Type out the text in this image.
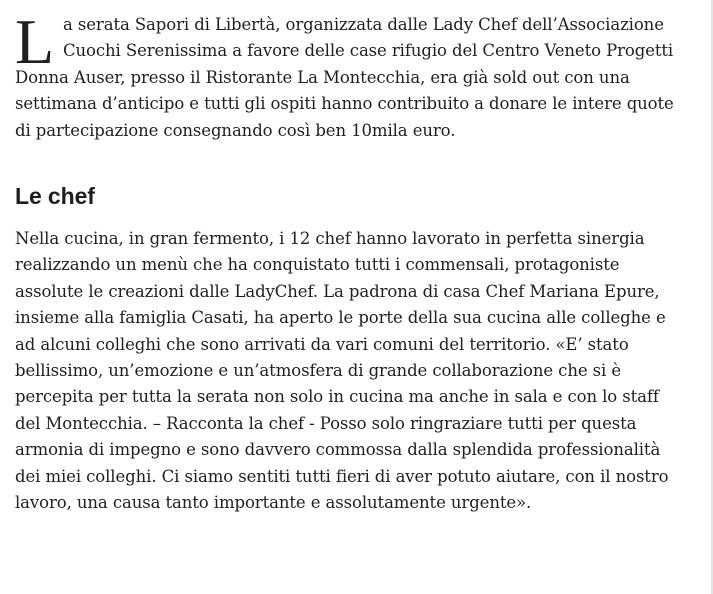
L a serata Sapori di Libertà, organizzata dalle Lady Chef dell’Associazione Cuochi Serenissima a favore delle case rifugio del Centro Veneto Progetti Donna Auser, presso il Ristorante La Montecchia, era già sold out con una settimana d’anticipo e tutti gli ospiti hanno contribuito a donare le intere quote di partecipazione consegnando così ben 10mila euro.

Le chef

Nella cucina, in gran fermento, i 12 chef hanno lavorato in perfetta sinergia realizzando un menù che ha conquistato tutti i commensali, protagoniste assolute le creazioni dalle LadyChef. La padrona di casa Chef Mariana Epure, insieme alla famiglia Casati, ha aperto le porte della sua cucina alle colleghe e ad alcuni colleghi che sono arrivati da vari comuni del territorio. «E’ stato bellissimo, un’emozione e un’atmosfera di grande collaborazione che si è percepita per tutta la serata non solo in cucina ma anche in sala e con lo staff del Montecchia. – Racconta la chef - Posso solo ringraziare tutti per questa armonia di impegno e sono davvero commossa dalla splendida professionalità dei miei colleghi. Ci siamo sentiti tutti fieri di aver potuto aiutare, con il nostro lavoro, una causa tanto importante e assolutamente urgente».
